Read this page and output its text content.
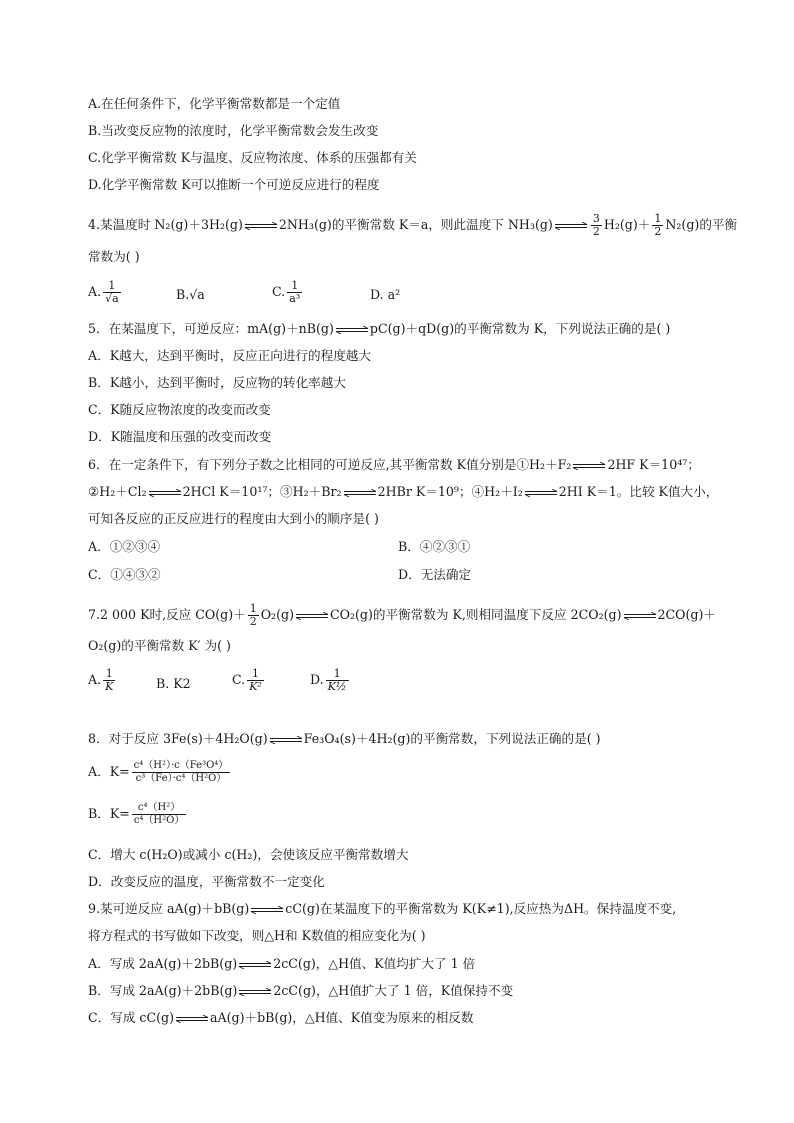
A.在任何条件下，化学平衡常数都是一个定值
B.当改变反应物的浓度时，化学平衡常数会发生改变
C.化学平衡常数 K与温度、反应物浓度、体系的压强都有关
D.化学平衡常数 K可以推断一个可逆反应进行的程度
4.某温度时 N₂(g)＋3H₂(g)⇌2NH₃(g)的平衡常数 K＝a，则此温度下 NH₃(g)⇌ $\frac{3}{2} H_2(g)+ \frac{1}{2} N_2(g)$的平衡
常数为( )
A. $\frac{1}{√a}$	B.√a	C. $\frac{1}{\text{a³}}$	D. a²
5．在某温度下，可逆反应：mA(g)＋nB(g)⇌pC(g)＋qD(g)的平衡常数为 K，下列说法正确的是( )
A．K越大，达到平衡时，反应正向进行的程度越大
B．K越小，达到平衡时，反应物的转化率越大
C．K随反应物浓度的改变而改变
D．K随温度和压强的改变而改变
6．在一定条件下，有下列分子数之比相同的可逆反应,其平衡常数 K值分别是①H₂＋F₂⇌2HF K＝10⁴⁷；
②H₂＋Cl₂⇌2HCl K＝10¹⁷；③H₂＋Br₂⇌2HBr K＝10⁹；④H₂＋I₂⇌2HI K＝1。比较 K值大小，
可知各反应的正反应进行的程度由大到小的顺序是( )
A．①②③④	B．④②③①
C．①④③②	D．无法确定
7.2 000 K时,反应 $CO(g)+ \frac{1}{2}$ O₂(g)⇌CO₂(g)的平衡常数为 K,则相同温度下反应 2CO₂(g)⇌2CO(g)＋
O₂(g)的平衡常数 K′ 为( )
A. $\frac{1}{K}$	B. K2	C. $\frac{1}{\text{K²}}$	D. $\frac{1}{\text{K½}}$
8．对于反应 3Fe(s)＋4H₂O(g)⇌Fe₃O₄(s)＋4H₂(g)的平衡常数，下列说法正确的是( )
A．$K= \frac{\text{c⁴（H²）·c（Fe³O⁴）}}{\text{c³（Fe）·c⁴（H²O）}}$
B．$K= \frac{\text{c⁴（H²）}}{\text{c⁴（H²O）}}$
C．增大 c(H₂O)或减小 c(H₂)，会使该反应平衡常数增大
D．改变反应的温度，平衡常数不一定变化
9.某可逆反应 aA(g)＋bB(g)⇌cC(g)在某温度下的平衡常数为 K(K≠1),反应热为ΔH。保持温度不变,
将方程式的书写做如下改变，则△H和 K数值的相应变化为( )
A．写成 2aA(g)＋2bB(g)⇌2cC(g)，△H值、K值均扩大了 1 倍
B．写成 2aA(g)＋2bB(g)⇌2cC(g)，△H值扩大了 1 倍，K值保持不变
C．写成 cC(g)⇌aA(g)＋bB(g)，△H值、K值变为原来的相反数
